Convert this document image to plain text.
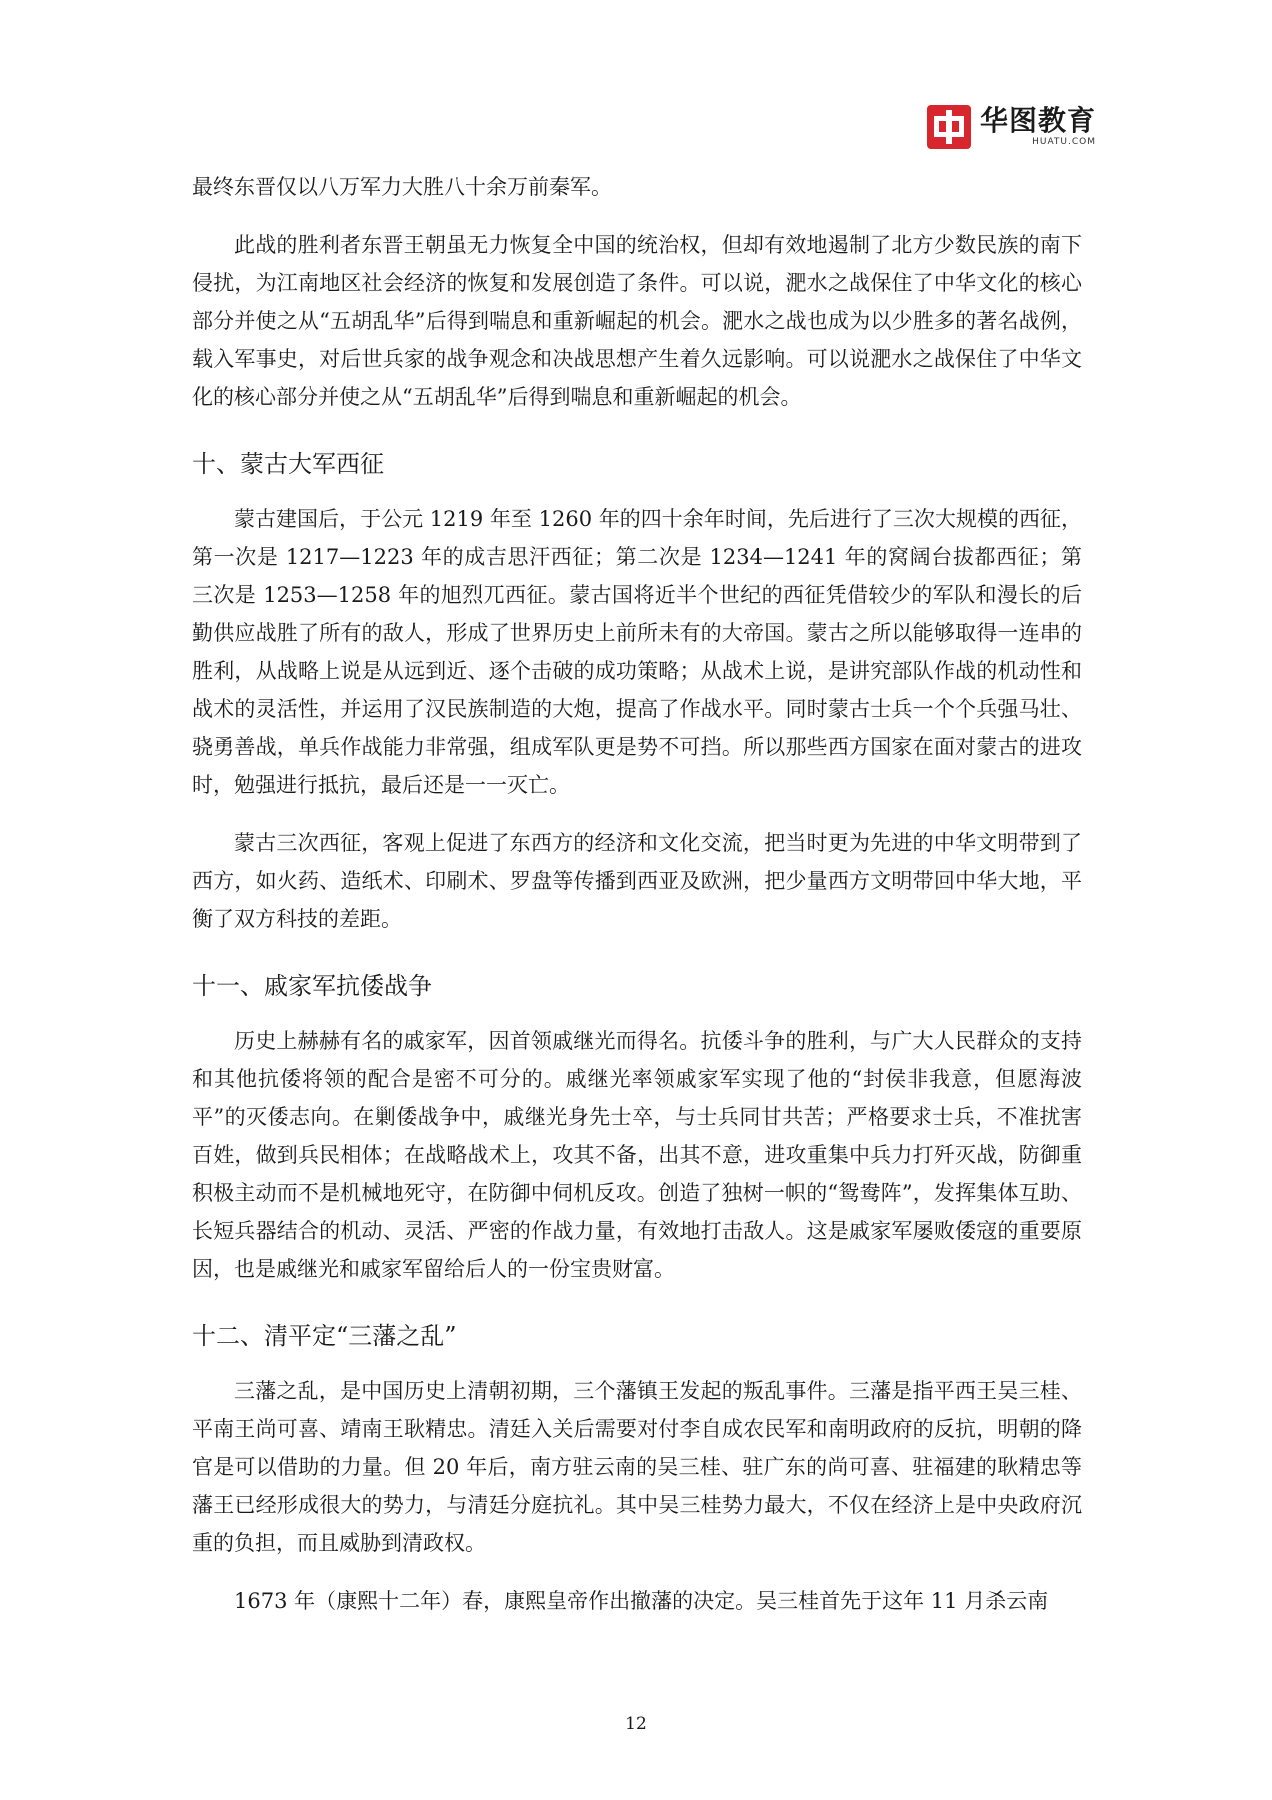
华图教育
HUATU.COM

最终东晋仅以八万军力大胜八十余万前秦军。

此战的胜利者东晋王朝虽无力恢复全中国的统治权，但却有效地遏制了北方少数民族的南下侵扰，为江南地区社会经济的恢复和发展创造了条件。可以说，淝水之战保住了中华文化的核心部分并使之从“五胡乱华”后得到喘息和重新崛起的机会。淝水之战也成为以少胜多的著名战例，载入军事史，对后世兵家的战争观念和决战思想产生着久远影响。可以说淝水之战保住了中华文化的核心部分并使之从“五胡乱华”后得到喘息和重新崛起的机会。

十、蒙古大军西征

蒙古建国后，于公元 1219 年至 1260 年的四十余年时间，先后进行了三次大规模的西征，第一次是 1217—1223 年的成吉思汗西征；第二次是 1234—1241 年的窝阔台拔都西征；第三次是 1253—1258 年的旭烈兀西征。蒙古国将近半个世纪的西征凭借较少的军队和漫长的后勤供应战胜了所有的敌人，形成了世界历史上前所未有的大帝国。蒙古之所以能够取得一连串的胜利，从战略上说是从远到近、逐个击破的成功策略；从战术上说，是讲究部队作战的机动性和战术的灵活性，并运用了汉民族制造的大炮，提高了作战水平。同时蒙古士兵一个个兵强马壮、骁勇善战，单兵作战能力非常强，组成军队更是势不可挡。所以那些西方国家在面对蒙古的进攻时，勉强进行抵抗，最后还是一一灭亡。

蒙古三次西征，客观上促进了东西方的经济和文化交流，把当时更为先进的中华文明带到了西方，如火药、造纸术、印刷术、罗盘等传播到西亚及欧洲，把少量西方文明带回中华大地，平衡了双方科技的差距。

十一、戚家军抗倭战争

历史上赫赫有名的戚家军，因首领戚继光而得名。抗倭斗争的胜利，与广大人民群众的支持和其他抗倭将领的配合是密不可分的。戚继光率领戚家军实现了他的“封侯非我意，但愿海波平”的灭倭志向。在剿倭战争中，戚继光身先士卒，与士兵同甘共苦；严格要求士兵，不准扰害百姓，做到兵民相体；在战略战术上，攻其不备，出其不意，进攻重集中兵力打歼灭战，防御重积极主动而不是机械地死守，在防御中伺机反攻。创造了独树一帜的“鸳鸯阵”，发挥集体互助、长短兵器结合的机动、灵活、严密的作战力量，有效地打击敌人。这是戚家军屡败倭寇的重要原因，也是戚继光和戚家军留给后人的一份宝贵财富。

十二、清平定“三藩之乱”

三藩之乱，是中国历史上清朝初期，三个藩镇王发起的叛乱事件。三藩是指平西王吴三桂、平南王尚可喜、靖南王耿精忠。清廷入关后需要对付李自成农民军和南明政府的反抗，明朝的降官是可以借助的力量。但 20 年后，南方驻云南的吴三桂、驻广东的尚可喜、驻福建的耿精忠等藩王已经形成很大的势力，与清廷分庭抗礼。其中吴三桂势力最大，不仅在经济上是中央政府沉重的负担，而且威胁到清政权。

1673 年（康熙十二年）春，康熙皇帝作出撤藩的决定。吴三桂首先于这年 11 月杀云南

12
